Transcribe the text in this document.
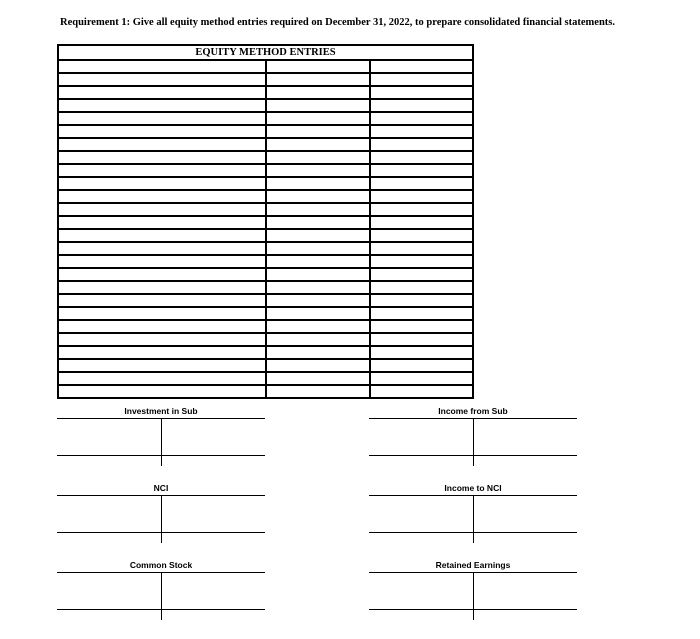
Requirement 1: Give all equity method entries required on December 31, 2022, to prepare consolidated financial statements.
EQUITY METHOD ENTRIES
Investment in Sub	Income from Sub
NCI	Income to NCI
Common Stock	Retained Earnings
